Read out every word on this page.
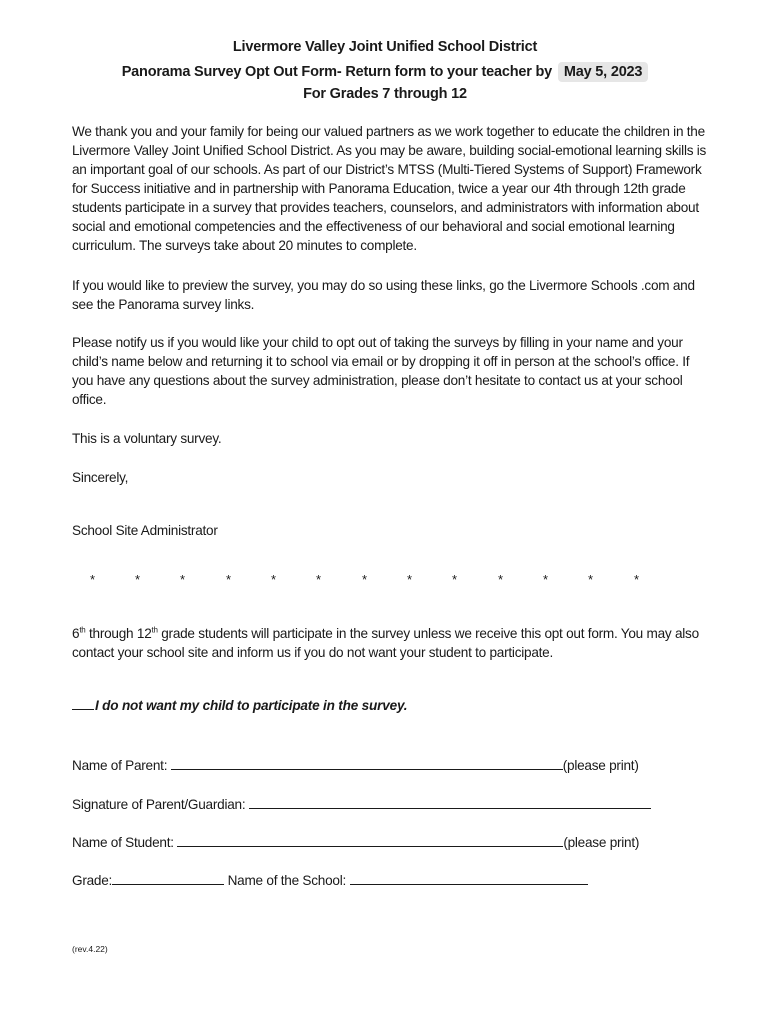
Livermore Valley Joint Unified School District
Panorama Survey Opt Out Form- Return form to your teacher by May 5, 2023
For Grades 7 through 12

We thank you and your family for being our valued partners as we work together to educate the children in the Livermore Valley Joint Unified School District. As you may be aware, building social-emotional learning skills is an important goal of our schools. As part of our District’s MTSS (Multi-Tiered Systems of Support) Framework for Success initiative and in partnership with Panorama Education, twice a year our 4th through 12th grade students participate in a survey that provides teachers, counselors, and administrators with information about social and emotional competencies and the effectiveness of our behavioral and social emotional learning curriculum. The surveys take about 20 minutes to complete.

If you would like to preview the survey, you may do so using these links, go the Livermore Schools .com and see the Panorama survey links.

Please notify us if you would like your child to opt out of taking the surveys by filling in your name and your child’s name below and returning it to school via email or by dropping it off in person at the school’s office. If you have any questions about the survey administration, please don’t hesitate to contact us at your school office.

This is a voluntary survey.

Sincerely,

School Site Administrator

*	*	*	*	*	*	*	*	*	*	*	*	*

6th through 12th grade students will participate in the survey unless we receive this opt out form. You may also contact your school site and inform us if you do not want your student to participate.

I do not want my child to participate in the survey.
Name of Parent:	(please print)
Signature of Parent/Guardian:
Name of Student:	(please print)
Grade:	Name of the School:
(rev.4.22)
